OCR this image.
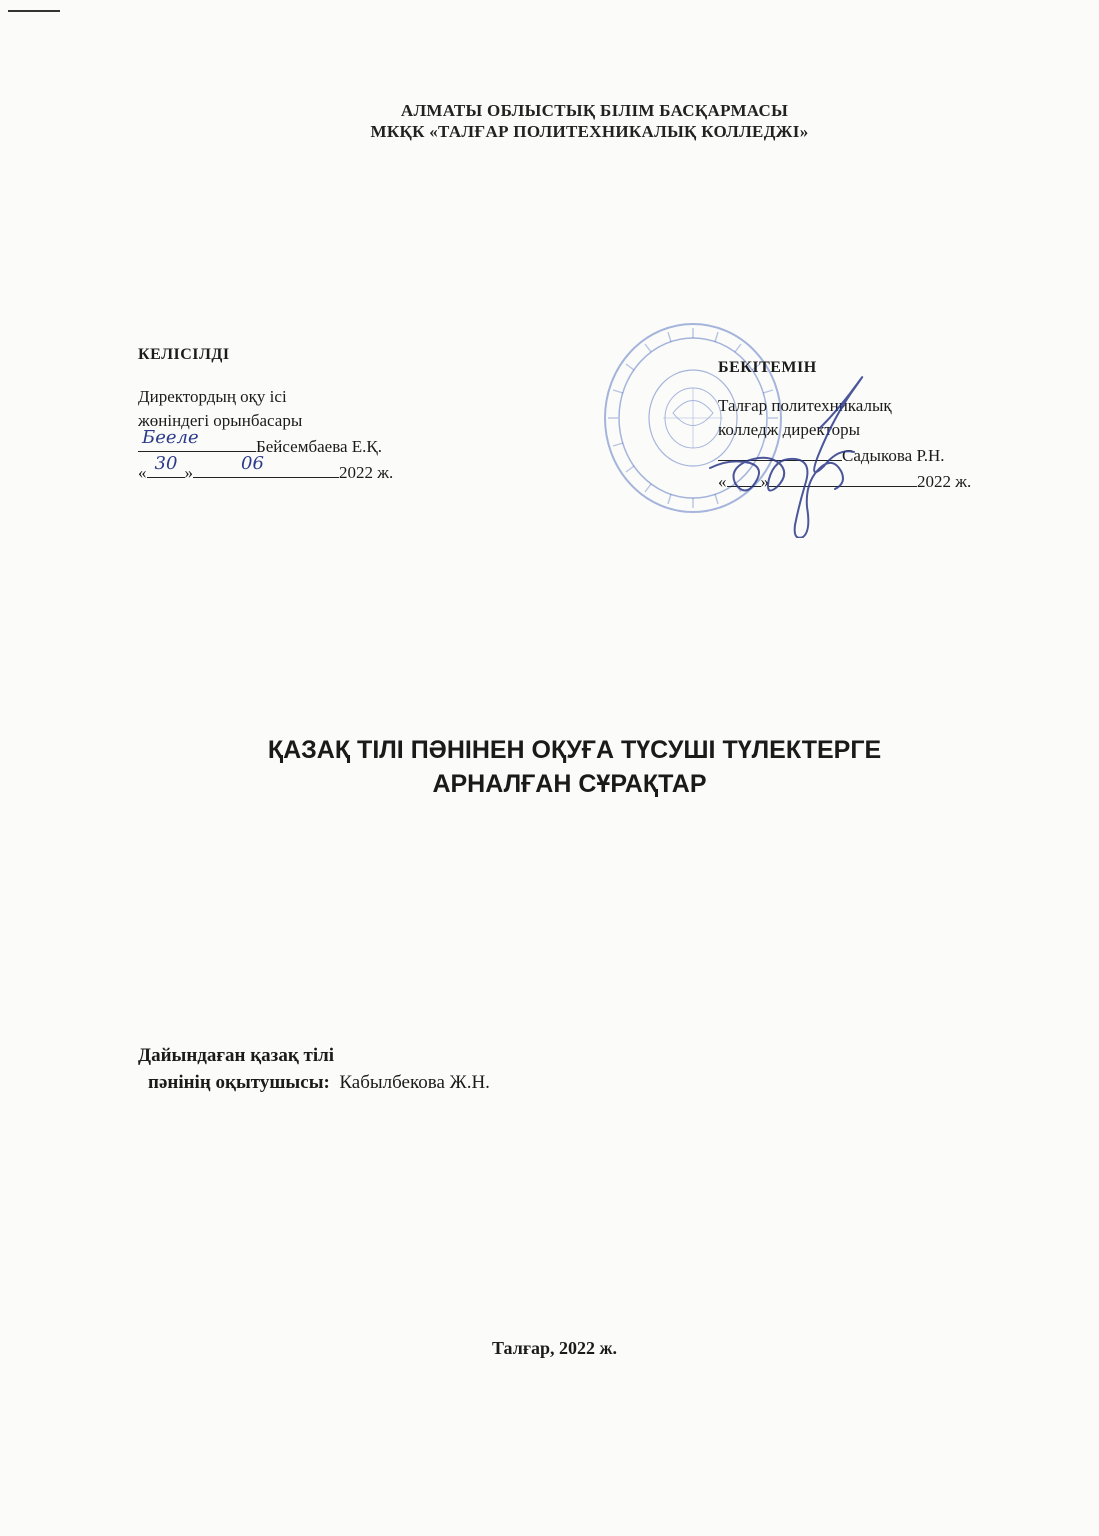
АЛМАТЫ ОБЛЫСТЫҚ БІЛІМ БАСҚАРМАСЫ
МКҚК «ТАЛҒАР ПОЛИТЕХНИКАЛЫҚ КОЛЛЕДЖІ»
КЕЛІСІЛДІ
Директордың оқу ісі
жөніндегі орынбасары
Бееле	Бейсембаева Е.Қ.
« 30 »	06	2022 ж.
БЕКІТЕМІН
Талғар политехникалық
колледж директоры
Садыкова Р.Н.
« »	2022 ж.
ҚАЗАҚ ТІЛІ ПӘНІНЕН ОҚУҒА ТҮСУШІ ТҮЛЕКТЕРГЕ
АРНАЛҒАН СҰРАҚТАР
Дайындаған қазақ тілі
пәнінің оқытушысы: Кабылбекова Ж.Н.
Талғар, 2022 ж.
